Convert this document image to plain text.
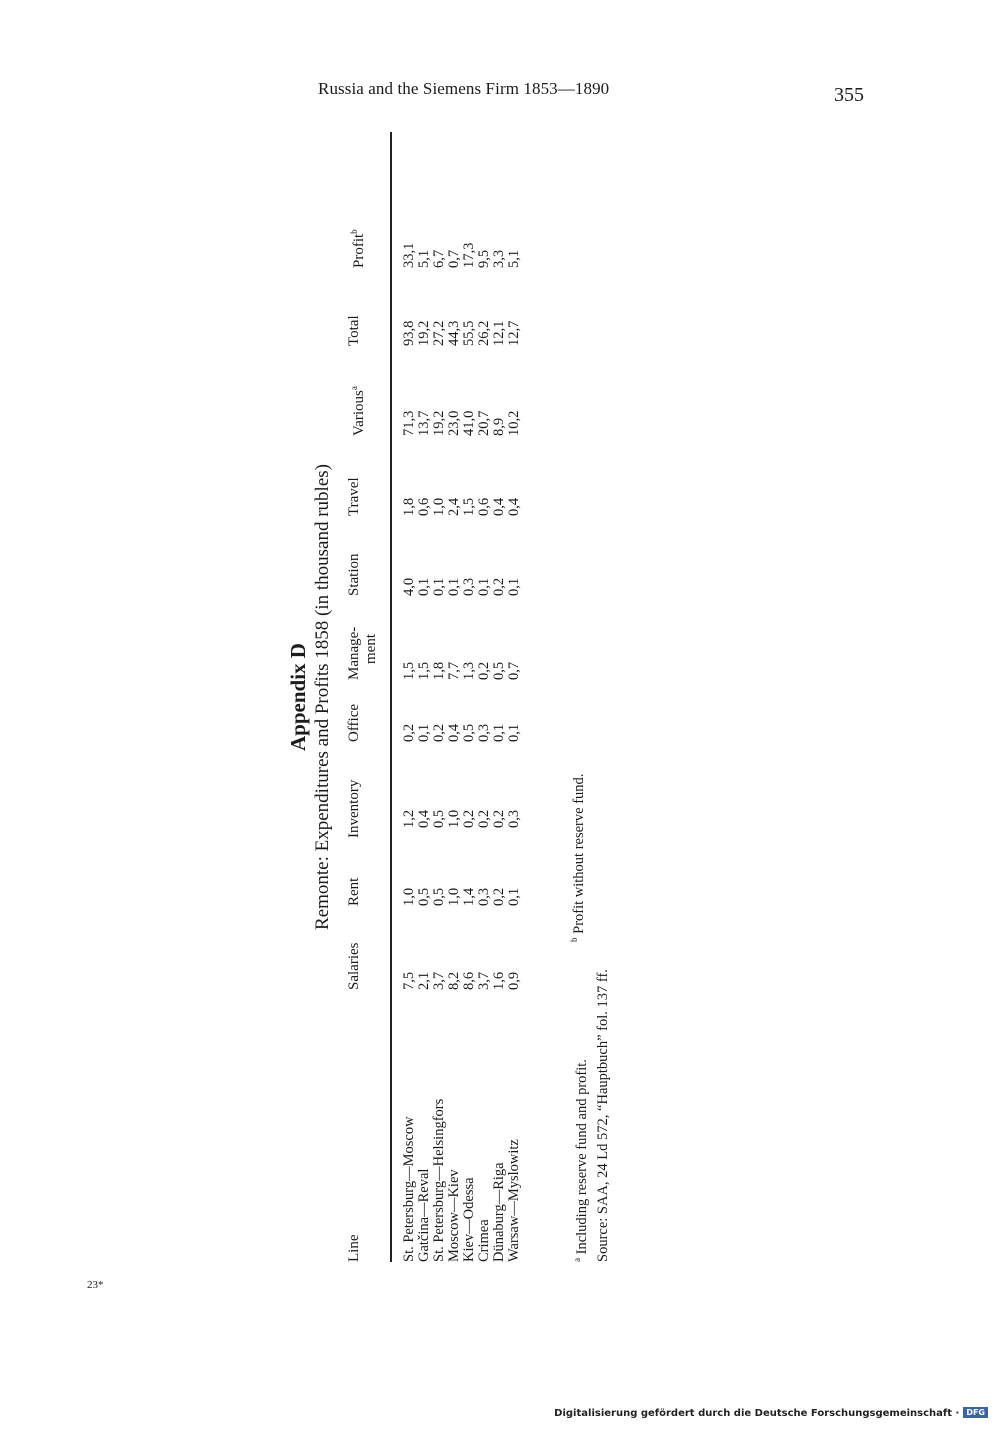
Russia and the Siemens Firm 1853—1890	355
23*
Appendix D Remonte: Expenditures and Profits 1858 (in thousand rubles)
Line
Salaries
Rent
Inventory
Office
Manage- ment
Station
Travel
Various$^a$
Total
Profit$^b$
St. Petersburg—Moscow
7,5
1,0
1,2
0,2
1,5
4,0
1,8
71,3
93,8
33,1
Gatčina—Reval
2,1
0,5
0,4
0,1
1,5
0,1
0,6
13,7
19,2
5,1
St. Petersburg—Helsingfors
3,7
0,5
0,5
0,2
1,8
0,1
1,0
19,2
27,2
6,7
Moscow—Kiev
8,2
1,0
1,0
0,4
7,7
0,1
2,4
23,0
44,3
0,7
Kiev—Odessa
8,6
1,4
0,2
0,5
1,3
0,3
1,5
41,0
55,5
17,3
Crimea
3,7
0,3
0,2
0,3
0,2
0,1
0,6
20,7
26,2
9,5
Dünaburg—Riga
1,6
0,2
0,2
0,1
0,5
0,2
0,4
8,9
12,1
3,3
Warsaw—Myslowitz
0,9
0,1
0,3
0,1
0,7
0,1
0,4
10,2
12,7
5,1
$^a$ Including reserve fund and profit.
$^b$ Profit without reserve fund.
Source: SAA, 24 Ld 572, “Hauptbuch” fol. 137 ff.
Digitalisierung gefördert durch die Deutsche Forschungsgemeinschaft · DFG
